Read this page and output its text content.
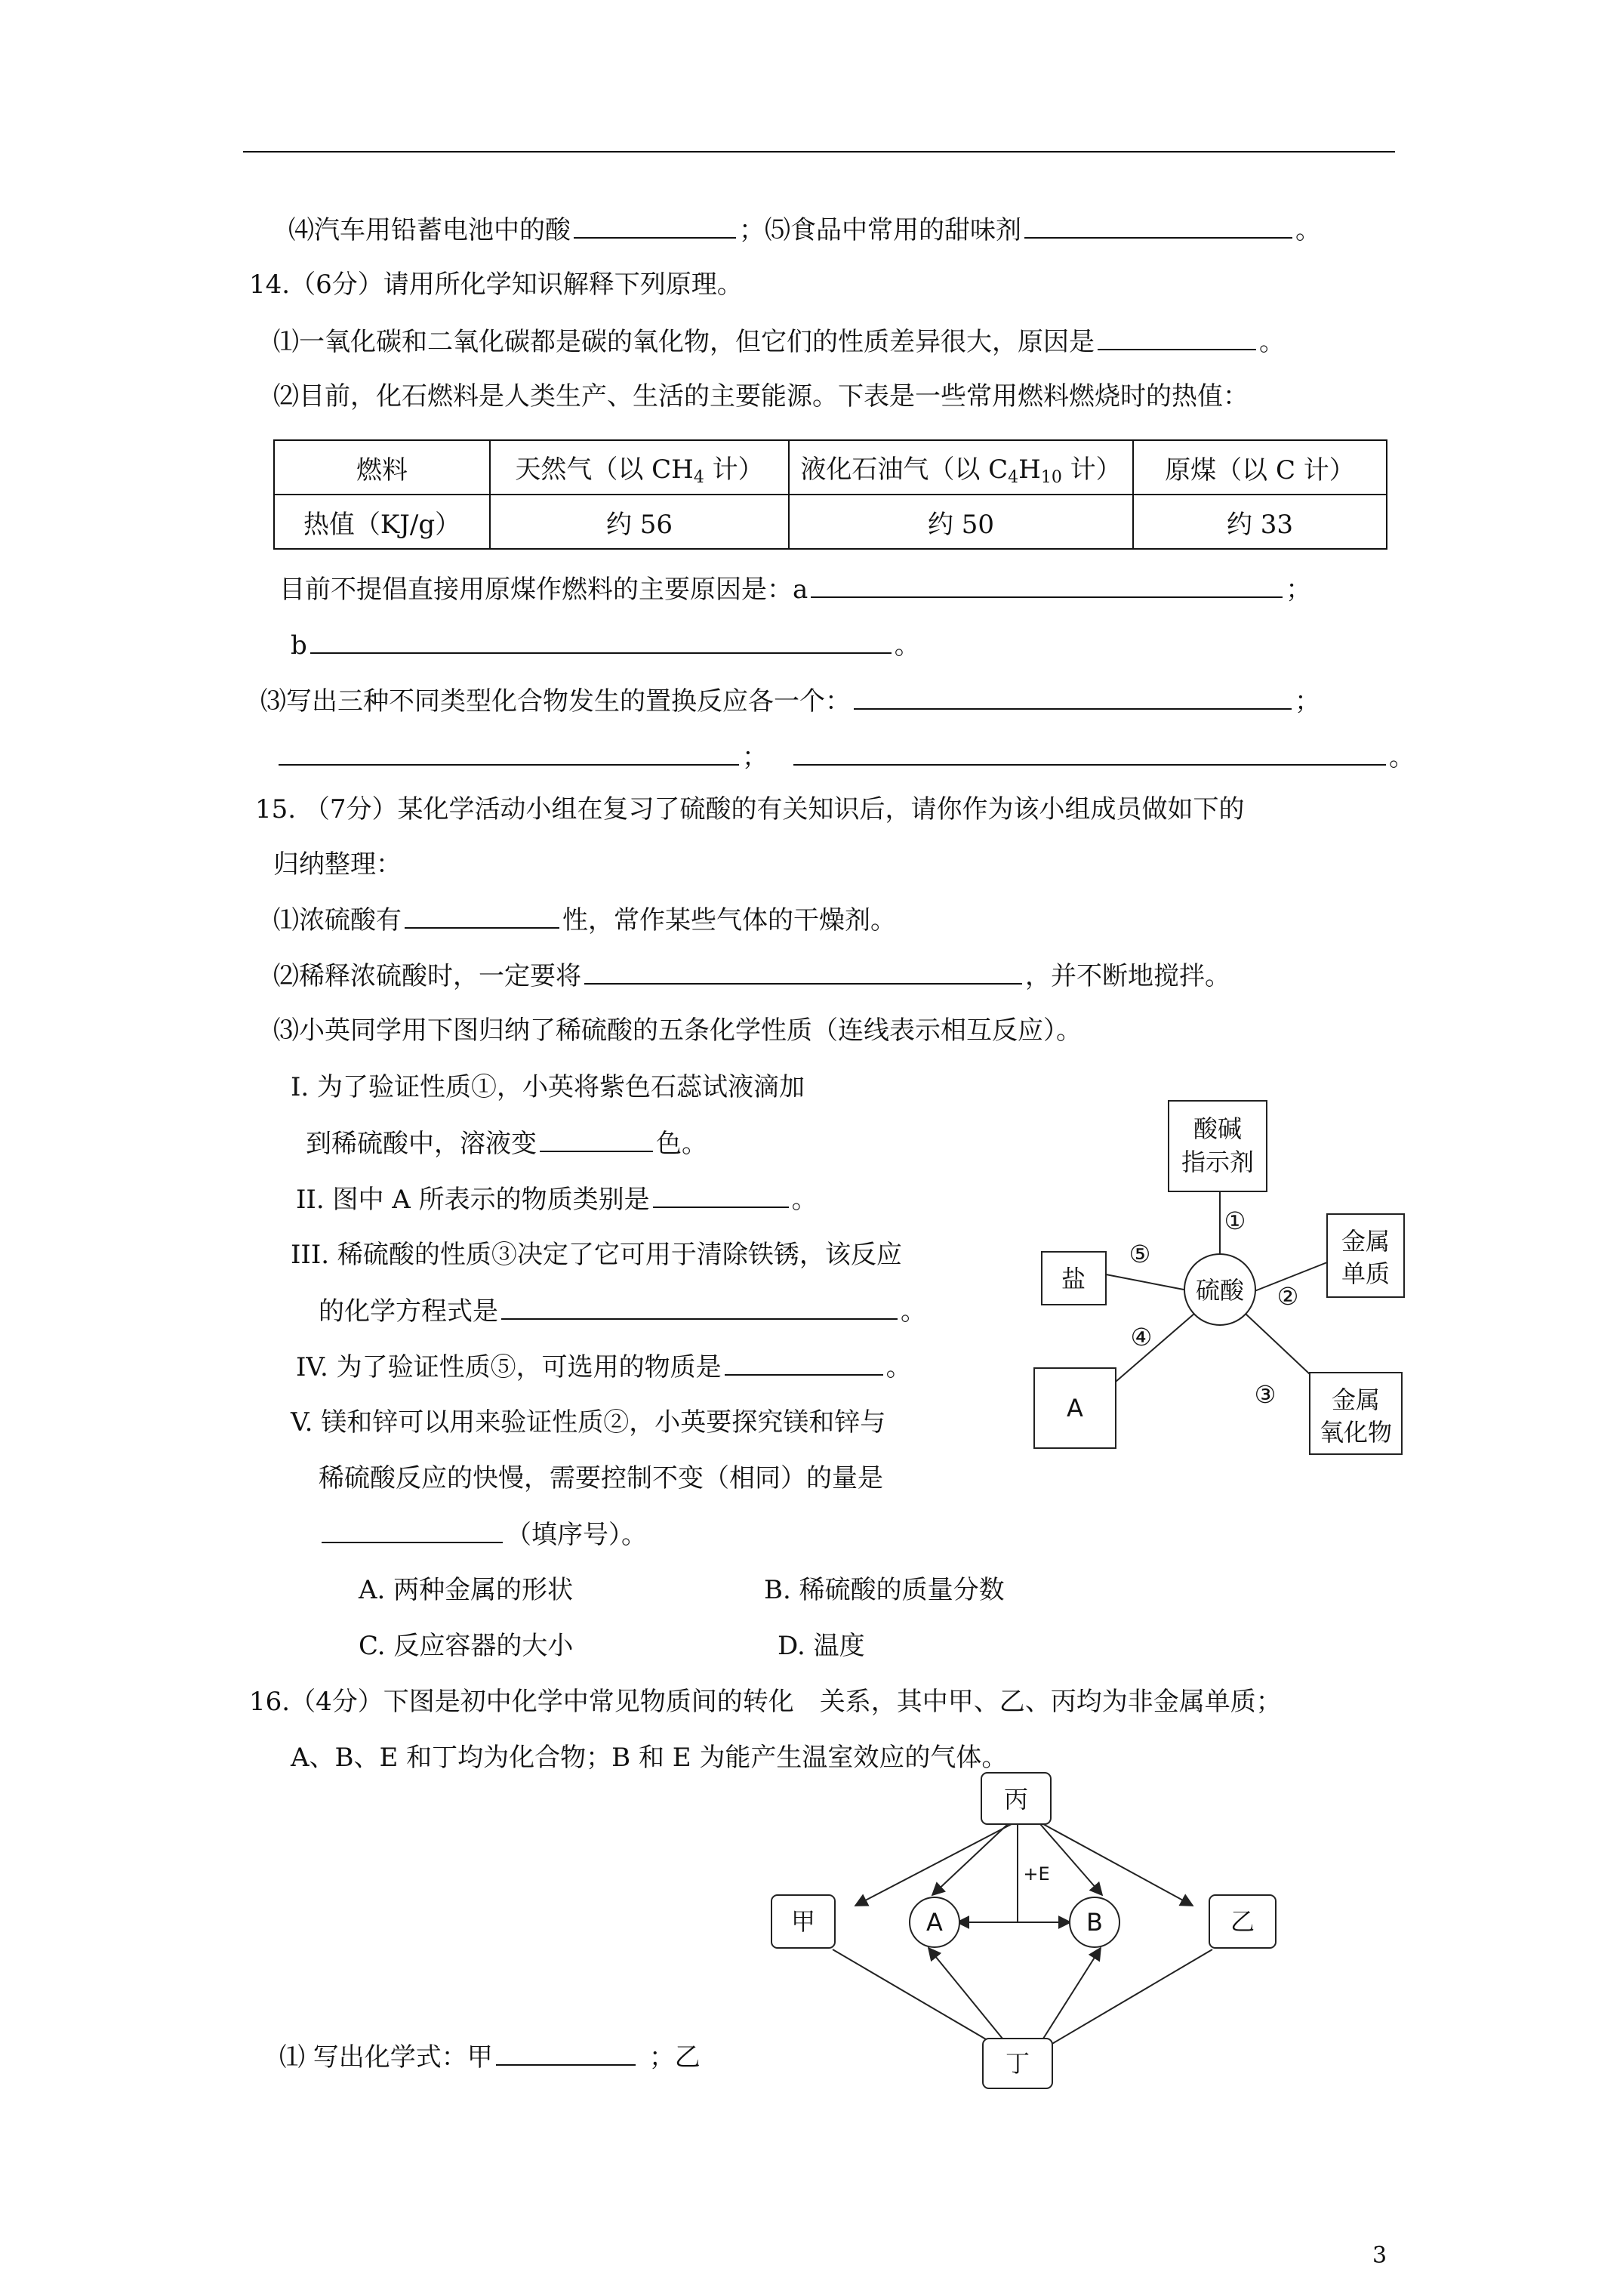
⑷汽车用铅蓄电池中的酸	；⑸食品中常用的甜味剂	。
14.（6分）请用所化学知识解释下列原理。
⑴一氧化碳和二氧化碳都是碳的氧化物，但它们的性质差异很大，原因是	。
⑵目前，化石燃料是人类生产、生活的主要能源。下表是一些常用燃料燃烧时的热值：
燃料	天然气（以 $CH_4$ 计）	液化石油气（以 $C_4H_{10}$ 计）	原煤（以 C 计）
热值（KJ/g）	约 56	约 50	约 33
目前不提倡直接用原煤作燃料的主要原因是：a	；
b	。
⑶写出三种不同类型化合物发生的置换反应各一个：	；
；	。
15. （7分）某化学活动小组在复习了硫酸的有关知识后，请你作为该小组成员做如下的
归纳整理：
⑴浓硫酸有	性，常作某些气体的干燥剂。
⑵稀释浓硫酸时，一定要将	，并不断地搅拌。
⑶小英同学用下图归纳了稀硫酸的五条化学性质（连线表示相互反应）。
I. 为了验证性质①，小英将紫色石蕊试液滴加
到稀硫酸中，溶液变	色。
II. 图中 A 所表示的物质类别是	。
III. 稀硫酸的性质③决定了它可用于清除铁锈，该反应
的化学方程式是	。
IV. 为了验证性质⑤，可选用的物质是	。
V. 镁和锌可以用来验证性质②，小英要探究镁和锌与
稀硫酸反应的快慢，需要控制不变（相同）的量是
（填序号）。
A. 两种金属的形状	B. 稀硫酸的质量分数
C. 反应容器的大小	D. 温度
硫酸
酸碱
指示剂
金属
单质
金属
氧化物
盐
A
①
②
③
④
⑤
16.（4分）下图是初中化学中常见物质间的转化　关系，其中甲、乙、丙均为非金属单质；
A、B、E 和丁均为化合物；B 和 E 为能产生温室效应的气体。
丙
甲	乙
丁
A	B
+E
⑴ 写出化学式：甲	；乙
3
